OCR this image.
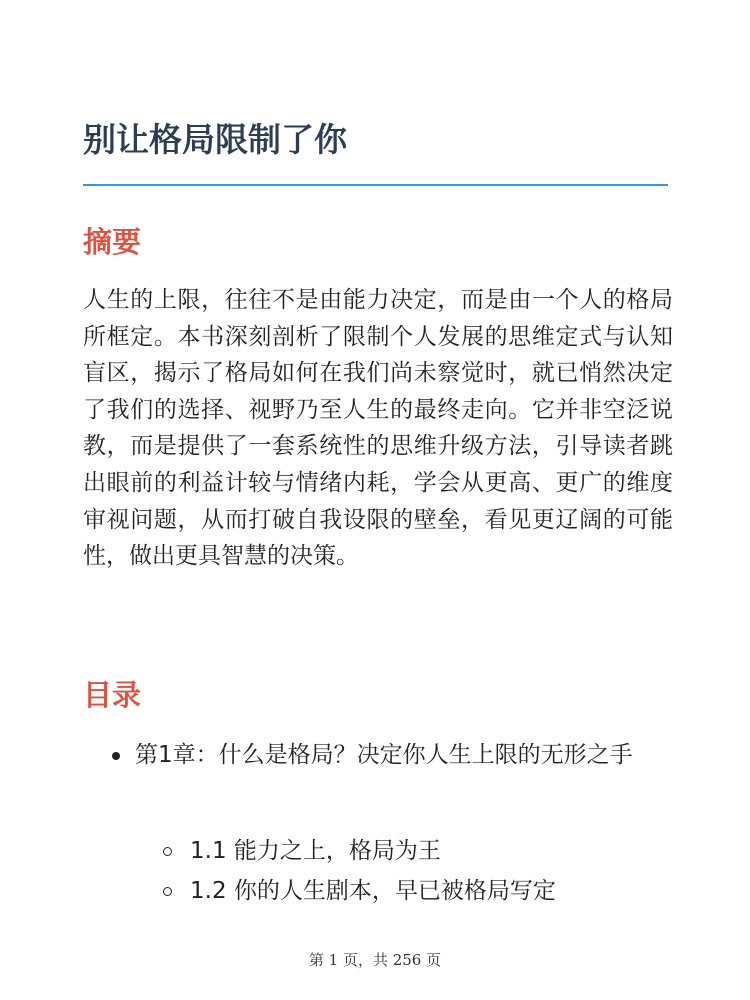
别让格局限制了你
摘要

人生的上限，往往不是由能力决定，而是由一个人的格局所框定。本书深刻剖析了限制个人发展的思维定式与认知盲区，揭示了格局如何在我们尚未察觉时，就已悄然决定了我们的选择、视野乃至人生的最终走向。它并非空泛说教，而是提供了一套系统性的思维升级方法，引导读者跳出眼前的利益计较与情绪内耗，学会从更高、更广的维度审视问题，从而打破自我设限的壁垒，看见更辽阔的可能性，做出更具智慧的决策。

目录

第1章：什么是格局？决定你人生上限的无形之手

1.1 能力之上，格局为王
1.2 你的人生剧本，早已被格局写定
第 1 页，共 256 页
